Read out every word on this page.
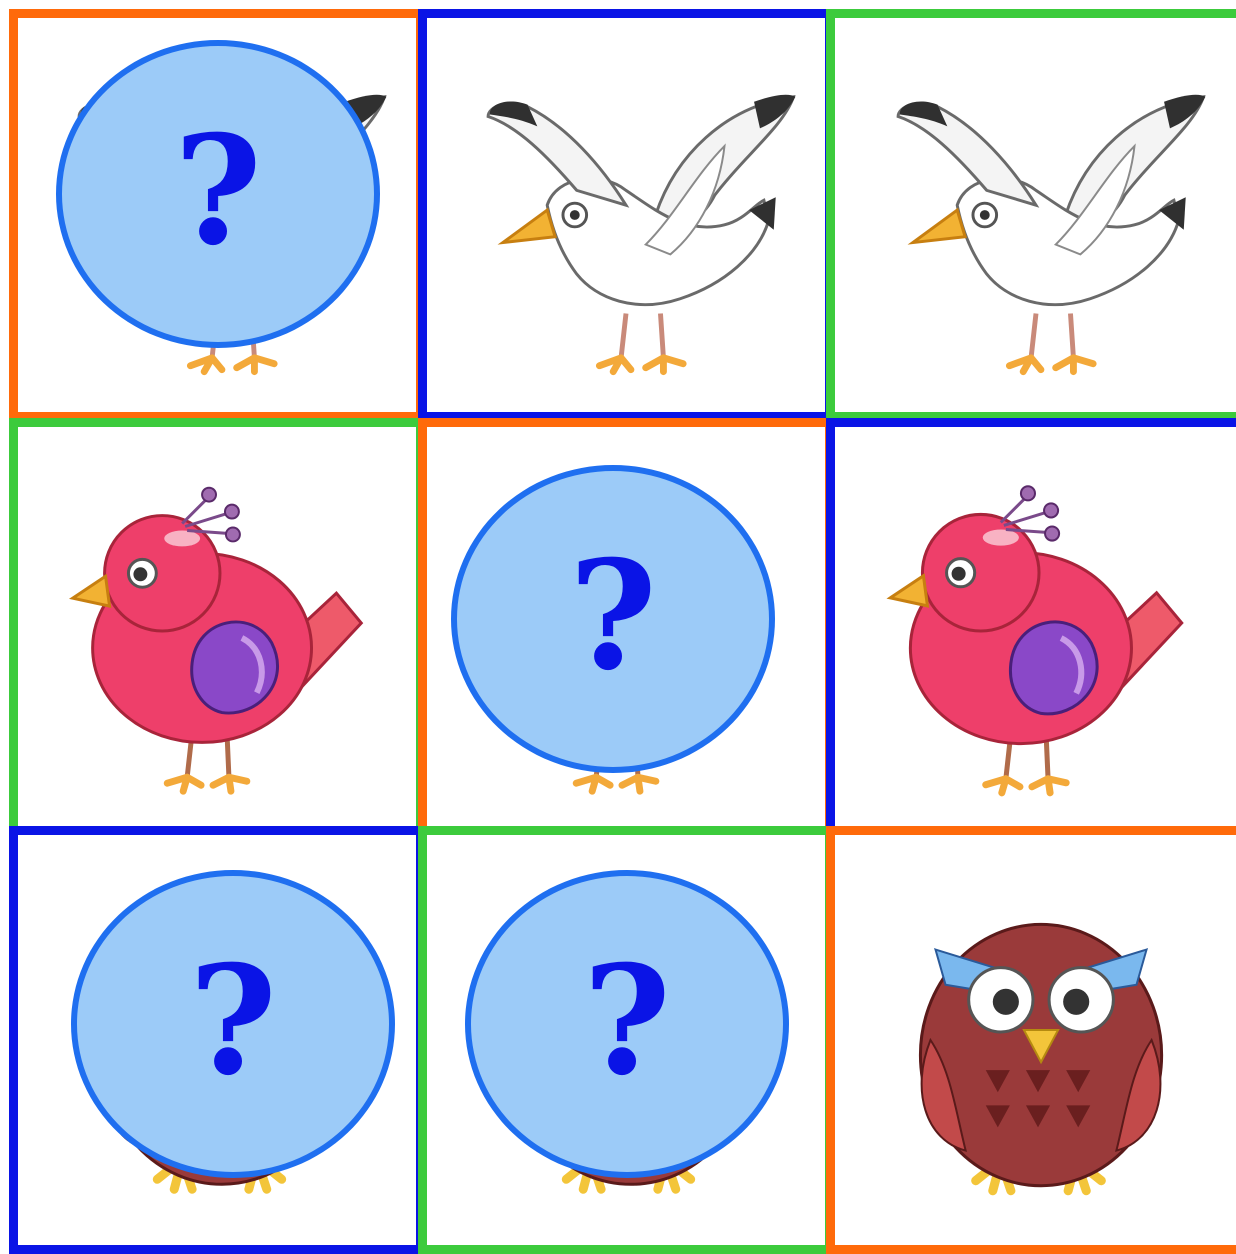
?
?
? ?
